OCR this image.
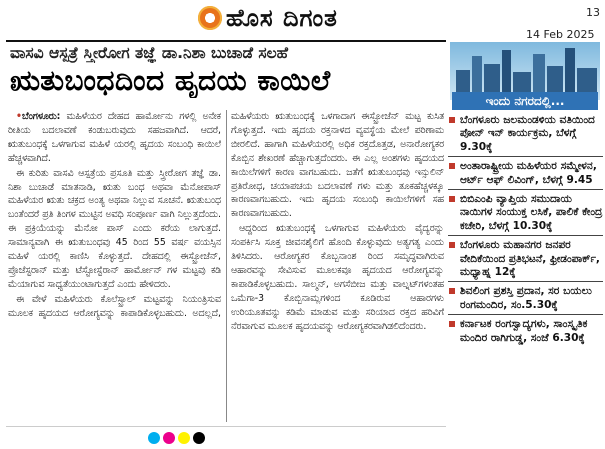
ಹೊಸ ದಿಗಂತ	13
14 Feb 2025
ವಾಸವಿ ಆಸ್ಪತ್ರೆ ಸ್ತ್ರೀರೋಗ ತಜ್ಞೆ ಡಾ.ನಿಶಾ ಬುಚಾಡೆ ಸಲಹೆ
ಋತುಬಂಧದಿಂದ ಹೃದಯ ಕಾಯಿಲೆ

•ಬೆಂಗಳೂರು: ಮಹಿಳೆಯರ ದೇಹದ ಹಾರ್ಮೋನು ಗಳಲ್ಲಿ ಅನೇಕ ರೀತಿಯ ಬದಲಾವಣೆ ಕಂಡುಬರುವುದು ಸಹಜವಾಗಿದೆ. ಆದರೆ, ಋತುಬಂಧಕ್ಕೆ ಒಳಗಾಗುವ ಮಹಿಳೆ ಯರಲ್ಲಿ ಹೃದಯ ಸಂಬಂಧಿ ಕಾಯಿಲೆ ಹೆಚ್ಚಳವಾಗಿದೆ.

ಈ ಕುರಿತು ವಾಸವಿ ಆಸ್ಪತ್ರೆಯ ಪ್ರಸೂತಿ ಮತ್ತು ಸ್ತ್ರೀರೋಗ ತಜ್ಞೆ ಡಾ. ನಿಶಾ ಬುಚಾಡೆ ಮಾತನಾಡಿ, ಋತು ಬಂಧ ಅಥವಾ ಮೆನೋಪಾಸ್ ಮಹಿಳೆಯರ ಋತು ಚಕ್ರದ ಅಂತ್ಯ ಅಥವಾ ನಿಲ್ಲುವ ಸೂಚನೆ. ಋತುಬಂಧ ಬಂತೆಂದರೆ ಪ್ರತಿ ತಿಂಗಳ ಮುಟ್ಟಿನ ಅವಧಿ ಸಂಪೂರ್ಣ ವಾಗಿ ನಿಲ್ಲುತ್ತದೆಂದು. ಈ ಪ್ರಕ್ರಿಯೆಯನ್ನು ಮೆನೋ ಪಾಸ್ ಎಂದು ಕರೆಯ ಲಾಗುತ್ತದೆ. ಸಾಮಾನ್ಯವಾಗಿ ಈ ಋತುಬಂಧವು 45 ರಿಂದ 55 ವರ್ಷ ವಯಸ್ಸಿನ ಮಹಿಳೆ ಯರಲ್ಲಿ ಕಾಣಿಸಿ ಕೊಳ್ಳುತ್ತದೆ. ದೇಹದಲ್ಲಿ ಈಸ್ಟ್ರೋಜೆನ್, ಪ್ರೊಜೆಸ್ಟರಾನ್ ಮತ್ತು ಟೆಸ್ಟೋಸ್ಟೆರಾನ್ ಹಾರ್ಮೋನ್ ಗಳ ಮಟ್ಟವು ಕಡಿ ಮೆಯಾಗುವ ಸಾಧ್ಯತೆಯುಂಟಾಗುತ್ತದೆ ಎಂದು ಹೇಳಿದರು.

ಈ ವೇಳೆ ಮಹಿಳೆಯರು ಕೊಲೆಸ್ಟ್ರಾಲ್ ಮಟ್ಟವನ್ನು ನಿಯಂತ್ರಿಸುವ ಮೂಲಕ ಹೃದಯದ ಆರೋಗ್ಯವನ್ನು ಕಾಪಾಡಿಕೊಳ್ಳಬಹುದು. ಅದಲ್ಲದೆ, ಮಹಿಳೆಯರು ಋತುಬಂಧಕ್ಕೆ ಒಳಗಾದಾಗ ಈಸ್ಟ್ರೋಜೆನ್ ಮಟ್ಟ ಕುಸಿತ ಗೊಳ್ಳುತ್ತದೆ. ಇದು ಹೃದಯ ರಕ್ತನಾಳದ ವ್ಯವಸ್ಥೆಯ ಮೇಲೆ ಪರಿಣಾಮ ಬೀರಲಿದೆ. ಹಾಗಾಗಿ ಮಹಿಳೆಯರಲ್ಲಿ ಅಧಿಕ ರಕ್ತದೊತ್ತಡ, ಅನಾರೋಗ್ಯಕರ ಕೊಬ್ಬಿನ ಶೇಖರಣೆ ಹೆಚ್ಚಾಗುತ್ತದೆಂದರು. ಈ ಎಲ್ಲ ಅಂಶಗಳು ಹೃದಯದ ಕಾಯಿಲೆಗಳಿಗೆ ಕಾರಣ ವಾಗಬಹುದು. ಜತೆಗೆ ಋತುಬಂಧವು ಇನ್ಸುಲಿನ್ ಪ್ರತಿರೋಧ, ಚಯಾಪಚಯ ಬದಲಾವಣೆ ಗಳು ಮತ್ತು ತೂಕಹೆಚ್ಚಳಕ್ಕೂ ಕಾರಣವಾಗಬಹುದು. ಇದು ಹೃದಯ ಸಂಬಂಧಿ ಕಾಯಿಲೆಗಳಿಗೆ ಸಹ ಕಾರಣವಾಗಬಹುದು.

ಆದ್ದರಿಂದ ಋತುಬಂಧಕ್ಕೆ ಒಳಗಾಗುವ ಮಹಿಳೆಯರು ವೈದ್ಯರನ್ನು ಸಂಪರ್ಕಿಸಿ ಸೂಕ್ತ ಜೀವನಶೈಲಿಗೆ ಹೊಂದಿ ಕೊಳ್ಳುವುದು ಅತ್ಯಗತ್ಯ ಎಂದು ತಿಳಿಸಿದರು. ಆರೋಗ್ಯಕರ ಕೊಬ್ಬನಾಂಶ ರಿಂದ ಸಮೃದ್ಧವಾಗಿರುವ ಆಹಾರವನ್ನು ಸೇವಿಸುವ ಮೂಲಕವೂ ಹೃದಯದ ಆರೋಗ್ಯವನ್ನು ಕಾಪಾಡಿಕೊಳ್ಳಬಹುದು. ಸಾಲ್ಮನ್, ಅಗಸೆಬೀಜ ಮತ್ತು ವಾಲ್ನಟ್‌ಗಳಂತಹ ಒಮೆಗಾ-3 ಕೊಬ್ಬಿನಾಮ್ಲಗಳಿಂದ ಕೂಡಿರುವ ಆಹಾರಗಳು ಉರಿಯೂತವನ್ನು ಕಡಿಮೆ ಮಾಡುವ ಮತ್ತು ಸರಿಯಾದ ರಕ್ತದ ಹರಿವಿಗೆ ನೆರವಾಗುವ ಮೂಲಕ ಹೃದಯವನ್ನು ಆರೋಗ್ಯಕರವಾಗಿಡಲಿದೆಂದರು.

ಇಂದು ನಗರದಲ್ಲಿ...
ಬೆಂಗಳೂರು ಜಲಮಂಡಳಿಯ ವತಿಯಿಂದ ಪೋನ್ ಇನ್ ಕಾರ್ಯಕ್ರಮ, ಬೆಳಗ್ಗೆ 9.30ಕ್ಕೆ
ಅಂತಾರಾಷ್ಟ್ರೀಯ ಮಹಿಳೆಯರ ಸಮ್ಮೇಳನ, ಆರ್ಟ್ ಆಫ್ ಲಿವಿಂಗ್, ಬೆಳಗ್ಗೆ 9.45
ಬಿಬಿಎಂಪಿ ವ್ಯಾಪ್ತಿಯ ಸಮುದಾಯ ನಾಯಿಗಳ ಸಂಯುಕ್ತ ಲಸಿಕೆ, ಪಾಲಿಕೆ ಕೇಂದ್ರ ಕಚೇರಿ, ಬೆಳಗ್ಗೆ 10.30ಕ್ಕೆ
ಬೆಂಗಳೂರು ಮಹಾನಗರ ಜನಪರ ವೇದಿಕೆಯಿಂದ ಪ್ರತಿಭಟನೆ, ಫ್ರೀಡಂಪಾರ್ಕ್, ಮಧ್ಯಾಹ್ನ 12ಕ್ಕೆ
ಶಿವಲಿಂಗ ಪ್ರಶಸ್ತಿ ಪ್ರದಾನ, ಸರ ಬಯಲು ರಂಗಮಂದಿರ, ಸಂ.5.30ಕ್ಕೆ
ಕರ್ನಾಟಕ ರಂಗಸ್ವಾದ್ಯಗಳು, ಸಾಂಸ್ಕೃತಿಕ ಮಂದಿರ ರಾಗಿಗುಡ್ಡ, ಸಂಜೆ 6.30ಕ್ಕೆ
